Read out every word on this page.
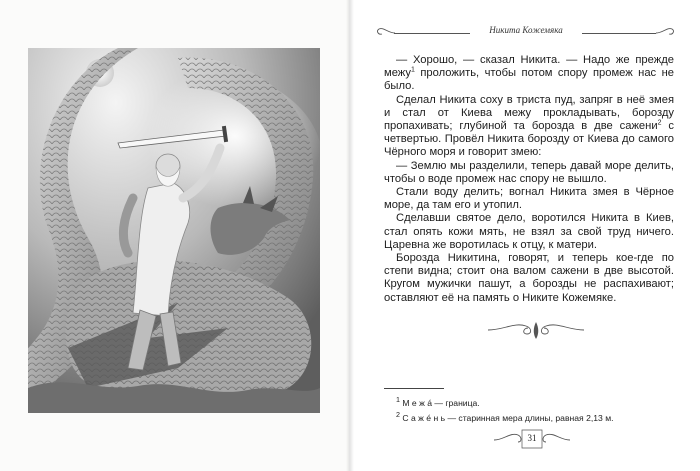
Никита Кожемяка

— Хорошо, — сказал Никита. — Надо же прежде межу$^1$ проложить, чтобы потом спору промеж нас не было.

Сделал Никита соху в триста пуд, запряг в неё змея и стал от Киева межу прокладывать, борозду пропахивать; глубиной та борозда в две сажени$^2$ с четвертью. Провёл Никита борозду от Киева до самого Чёрного моря и говорит змею:

— Землю мы разделили, теперь давай море делить, чтобы о воде промеж нас спору не вышло.

Стали воду делить; вогнал Никита змея в Чёрное море, да там его и утопил.

Сделавши святое дело, воротился Никита в Киев, стал опять кожи мять, не взял за свой труд ничего. Царевна же воротилась к отцу, к матери.

Борозда Никитина, говорят, и теперь кое-где по степи видна; стоит она валом сажени в две высотой. Кругом мужички пашут, а борозды не распахивают; оставляют её на память о Никите Кожемяке.

$^1$ М е ж а́ — граница.

$^2$ С а ж е́ н ь — старинная мера длины, равная 2,13 м.

31
